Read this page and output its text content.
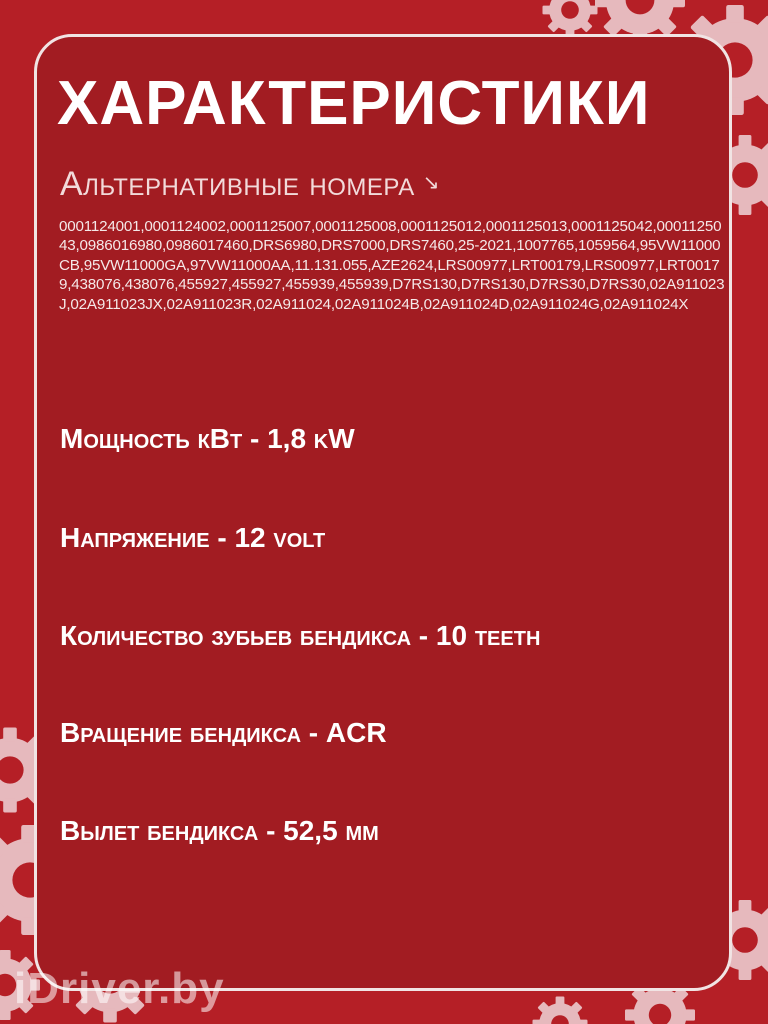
ХАРАКТЕРИСТИКИ
Альтернативные номера ↘

0001124001,0001124002,0001125007,0001125008,0001125012,0001125013,0001125042,0001125043,0986016980,0986017460,DRS6980,DRS7000,DRS7460,25-2021,1007765,1059564,95VW11000CB,95VW11000GA,97VW11000AA,11.131.055,AZE2624,LRS00977,LRT00179,LRS00977,LRT00179,438076,438076,455927,455927,455939,455939,D7RS130,D7RS130,D7RS30,D7RS30,02A911023J,02A911023JX,02A911023R,02A911024,02A911024B,02A911024D,02A911024G,02A911024X

Мощность кВт - 1,8 kW

Напряжение - 12 volt

Количество зубьев бендикса - 10 teeth

Вращение бендикса - ACR

Вылет бендикса - 52,5 мм

iDriver.by
